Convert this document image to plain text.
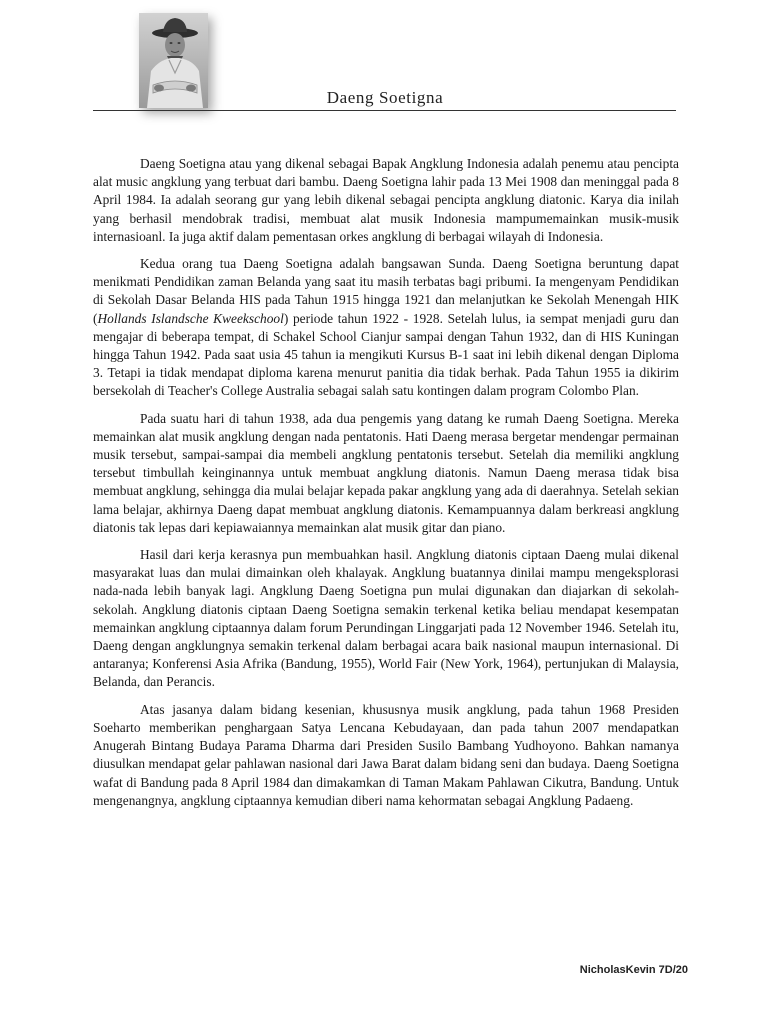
Daeng Soetigna

Daeng Soetigna atau yang dikenal sebagai Bapak Angklung Indonesia adalah penemu atau pencipta alat music angklung yang terbuat dari bambu. Daeng Soetigna lahir pada 13 Mei 1908 dan meninggal pada 8 April 1984. Ia adalah seorang gur yang lebih dikenal sebagai pencipta angklung diatonic. Karya dia inilah yang berhasil mendobrak tradisi, membuat alat musik Indonesia mampumemainkan musik-musik internasioanl. Ia juga aktif dalam pementasan orkes angklung di berbagai wilayah di Indonesia.

Kedua orang tua Daeng Soetigna adalah bangsawan Sunda. Daeng Soetigna beruntung dapat menikmati Pendidikan zaman Belanda yang saat itu masih terbatas bagi pribumi. Ia mengenyam Pendidikan di Sekolah Dasar Belanda HIS pada Tahun 1915 hingga 1921 dan melanjutkan ke Sekolah Menengah HIK (Hollands Islandsche Kweekschool) periode tahun 1922 - 1928. Setelah lulus, ia sempat menjadi guru dan mengajar di beberapa tempat, di Schakel School Cianjur sampai dengan Tahun 1932, dan di HIS Kuningan hingga Tahun 1942. Pada saat usia 45 tahun ia mengikuti Kursus B-1 saat ini lebih dikenal dengan Diploma 3. Tetapi ia tidak mendapat diploma karena menurut panitia dia tidak berhak. Pada Tahun 1955 ia dikirim bersekolah di Teacher's College Australia sebagai salah satu kontingen dalam program Colombo Plan.

Pada suatu hari di tahun 1938, ada dua pengemis yang datang ke rumah Daeng Soetigna. Mereka memainkan alat musik angklung dengan nada pentatonis. Hati Daeng merasa bergetar mendengar permainan musik tersebut, sampai-sampai dia membeli angklung pentatonis tersebut. Setelah dia memiliki angklung tersebut timbullah keinginannya untuk membuat angklung diatonis. Namun Daeng merasa tidak bisa membuat angklung, sehingga dia mulai belajar kepada pakar angklung yang ada di daerahnya. Setelah sekian lama belajar, akhirnya Daeng dapat membuat angklung diatonis. Kemampuannya dalam berkreasi angklung diatonis tak lepas dari kepiawaiannya memainkan alat musik gitar dan piano.

Hasil dari kerja kerasnya pun membuahkan hasil. Angklung diatonis ciptaan Daeng mulai dikenal masyarakat luas dan mulai dimainkan oleh khalayak. Angklung buatannya dinilai mampu mengeksplorasi nada-nada lebih banyak lagi. Angklung Daeng Soetigna pun mulai digunakan dan diajarkan di sekolah-sekolah. Angklung diatonis ciptaan Daeng Soetigna semakin terkenal ketika beliau mendapat kesempatan memainkan angklung ciptaannya dalam forum Perundingan Linggarjati pada 12 November 1946. Setelah itu, Daeng dengan angklungnya semakin terkenal dalam berbagai acara baik nasional maupun internasional. Di antaranya; Konferensi Asia Afrika (Bandung, 1955), World Fair (New York, 1964), pertunjukan di Malaysia, Belanda, dan Perancis.

Atas jasanya dalam bidang kesenian, khususnya musik angklung, pada tahun 1968 Presiden Soeharto memberikan penghargaan Satya Lencana Kebudayaan, dan pada tahun 2007 mendapatkan Anugerah Bintang Budaya Parama Dharma dari Presiden Susilo Bambang Yudhoyono. Bahkan namanya diusulkan mendapat gelar pahlawan nasional dari Jawa Barat dalam bidang seni dan budaya. Daeng Soetigna wafat di Bandung pada 8 April 1984 dan dimakamkan di Taman Makam Pahlawan Cikutra, Bandung. Untuk mengenangnya, angklung ciptaannya kemudian diberi nama kehormatan sebagai Angklung Padaeng.

NicholasKevin 7D/20
